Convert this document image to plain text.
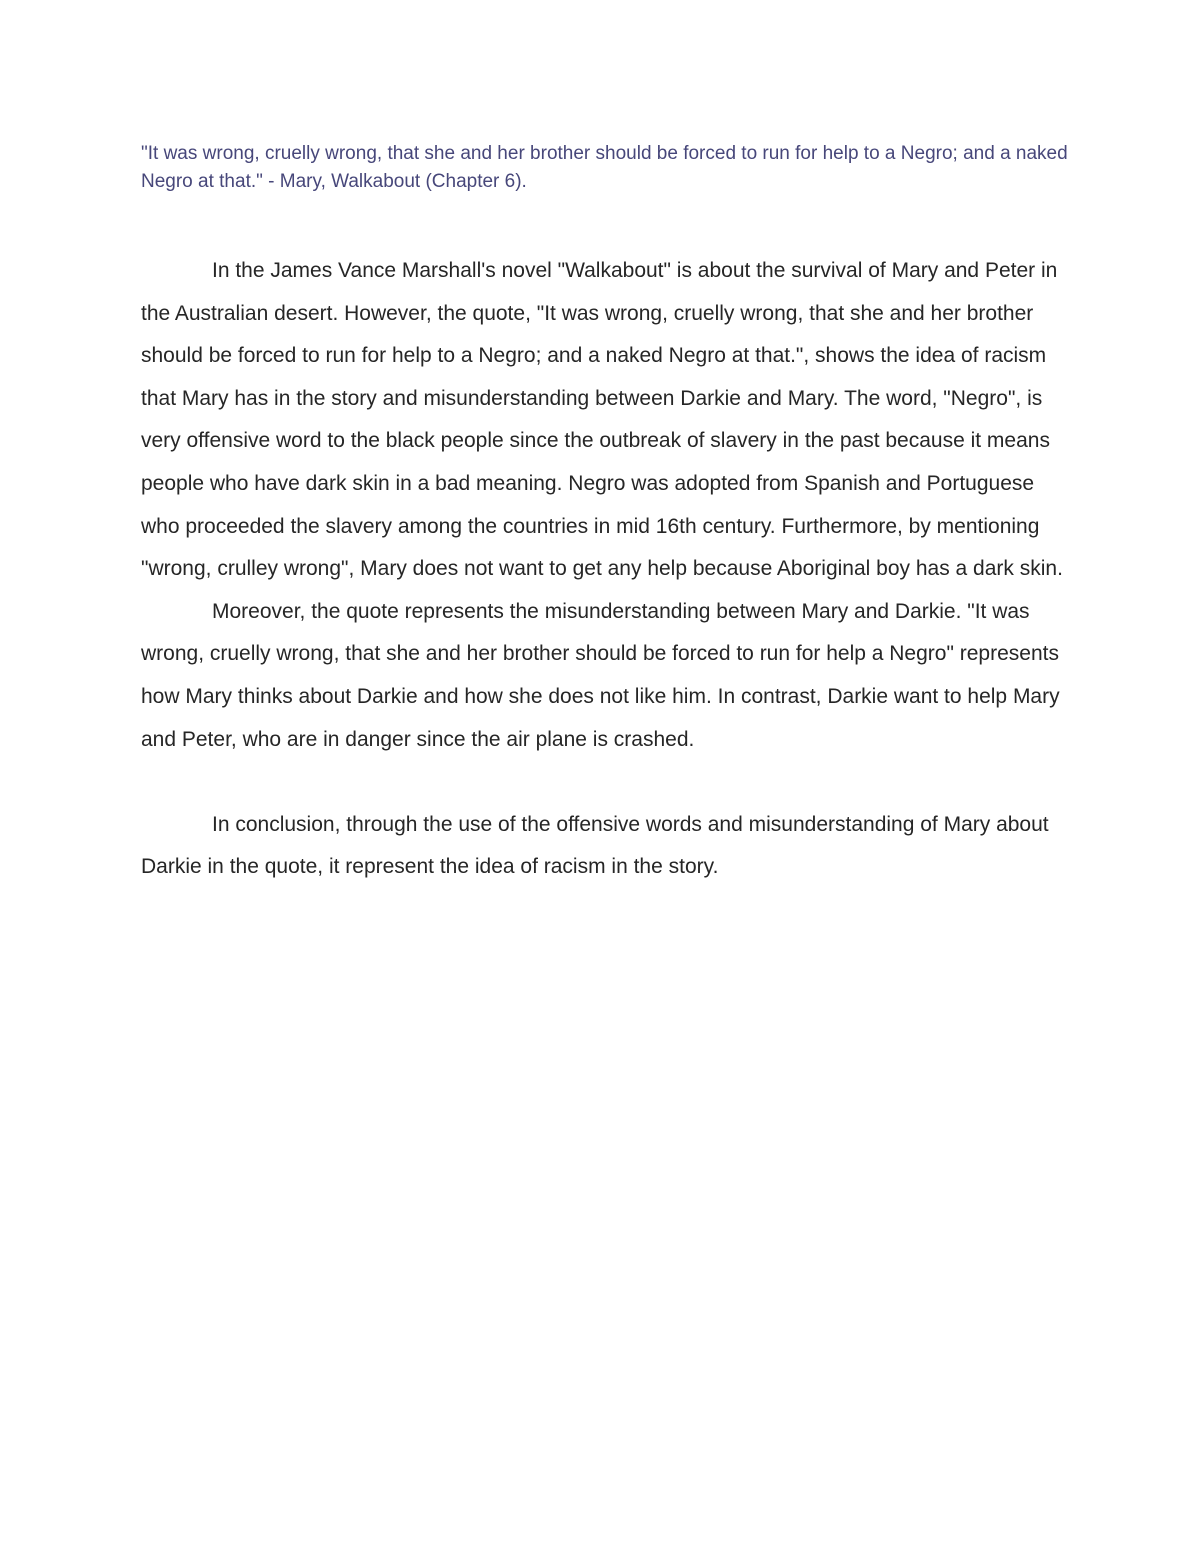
"It was wrong, cruelly wrong, that she and her brother should be forced to run for help to a Negro; and a naked Negro at that." - Mary, Walkabout (Chapter 6).

In the James Vance Marshall's novel "Walkabout" is about the survival of Mary and Peter in the Australian desert. However, the quote, "It was wrong, cruelly wrong, that she and her brother should be forced to run for help to a Negro; and a naked Negro at that.", shows the idea of racism that Mary has in the story and misunderstanding between Darkie and Mary. The word, "Negro", is very offensive word to the black people since the outbreak of slavery in the past because it means people who have dark skin in a bad meaning. Negro was adopted from Spanish and Portuguese who proceeded the slavery among the countries in mid 16th century. Furthermore, by mentioning "wrong, crulley wrong", Mary does not want to get any help because Aboriginal boy has a dark skin.

Moreover, the quote represents the misunderstanding between Mary and Darkie. "It was wrong, cruelly wrong, that she and her brother should be forced to run for help a Negro" represents how Mary thinks about Darkie and how she does not like him. In contrast, Darkie want to help Mary and Peter, who are in danger since the air plane is crashed.

In conclusion, through the use of the offensive words and misunderstanding of Mary about Darkie in the quote, it represent the idea of racism in the story.
